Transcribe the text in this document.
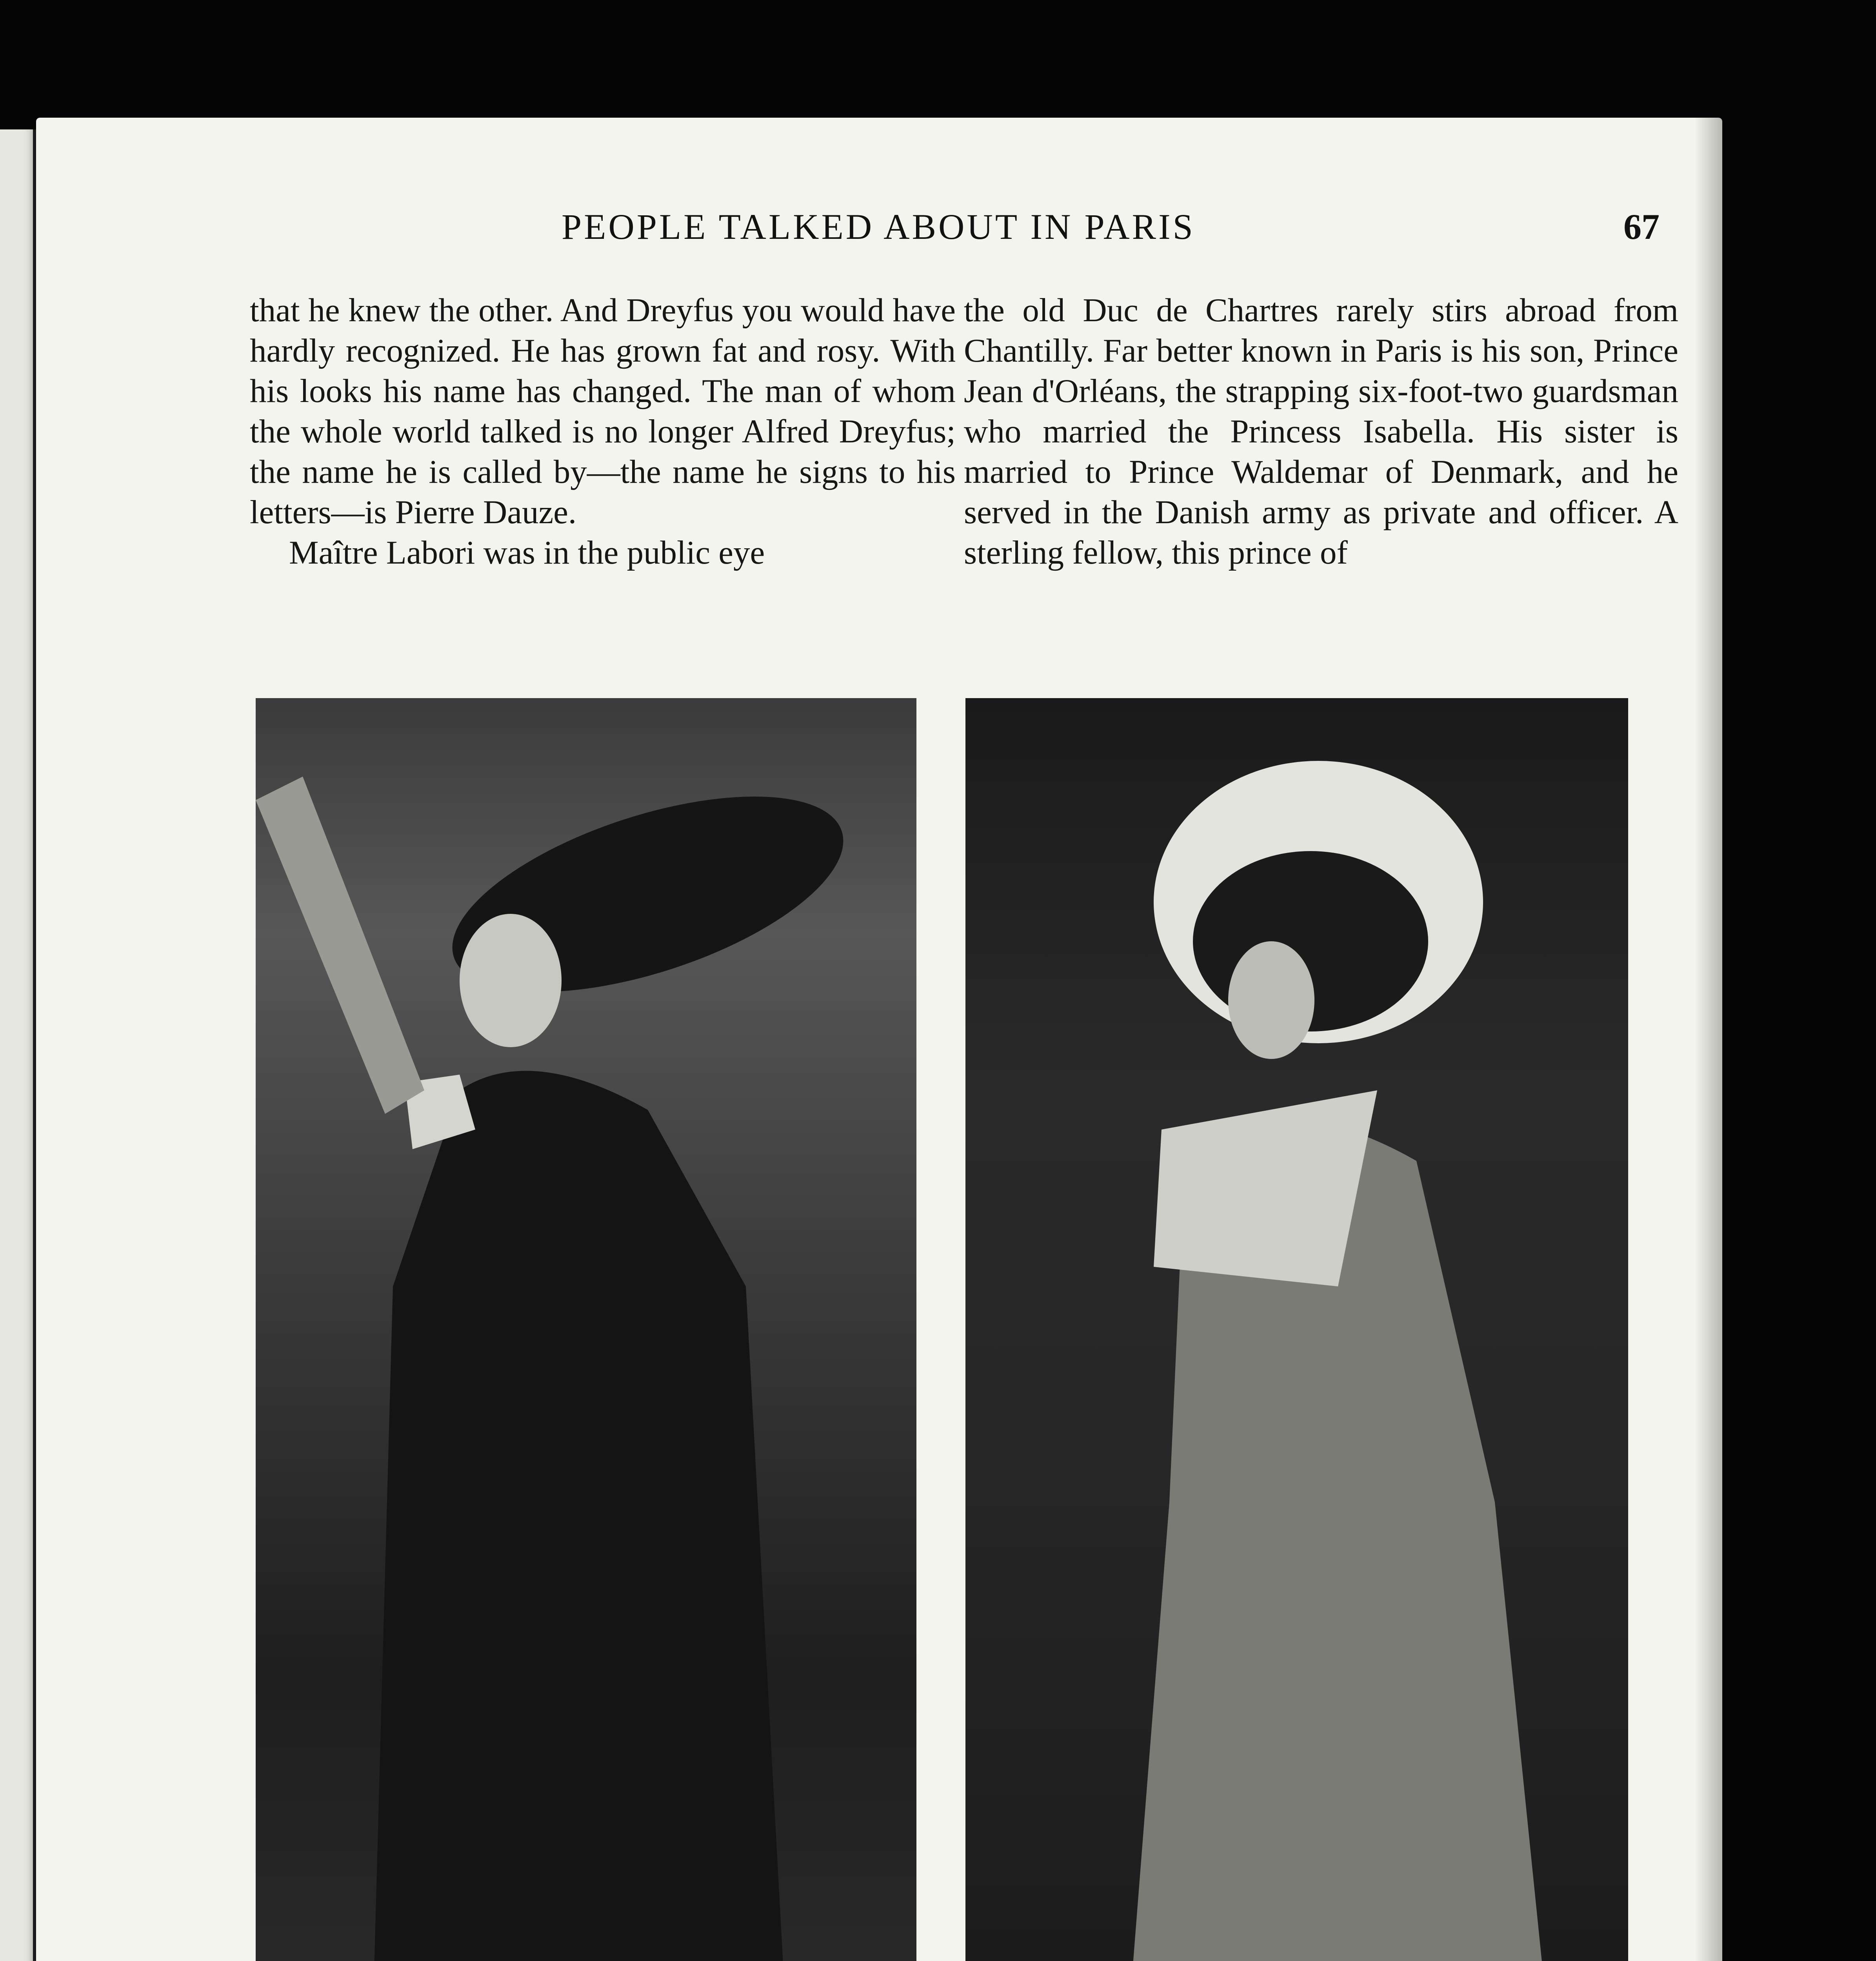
PEOPLE TALKED ABOUT IN PARIS	67

that he knew the other. And Dreyfus you would have hardly recognized. He has grown fat and rosy. With his looks his name has changed. The man of whom the whole world talked is no longer Alfred Dreyfus; the name he is called by—the name he signs to his letters—is Pierre Dauze.

Maître Labori was in the public eye

the old Duc de Chartres rarely stirs abroad from Chantilly. Far better known in Paris is his son, Prince Jean d'Orléans, the strapping six-foot-two guardsman who married the Princess Isabella. His sister is married to Prince Waldemar of Denmark, and he served in the Danish army as private and officer. A sterling fellow, this prince of
